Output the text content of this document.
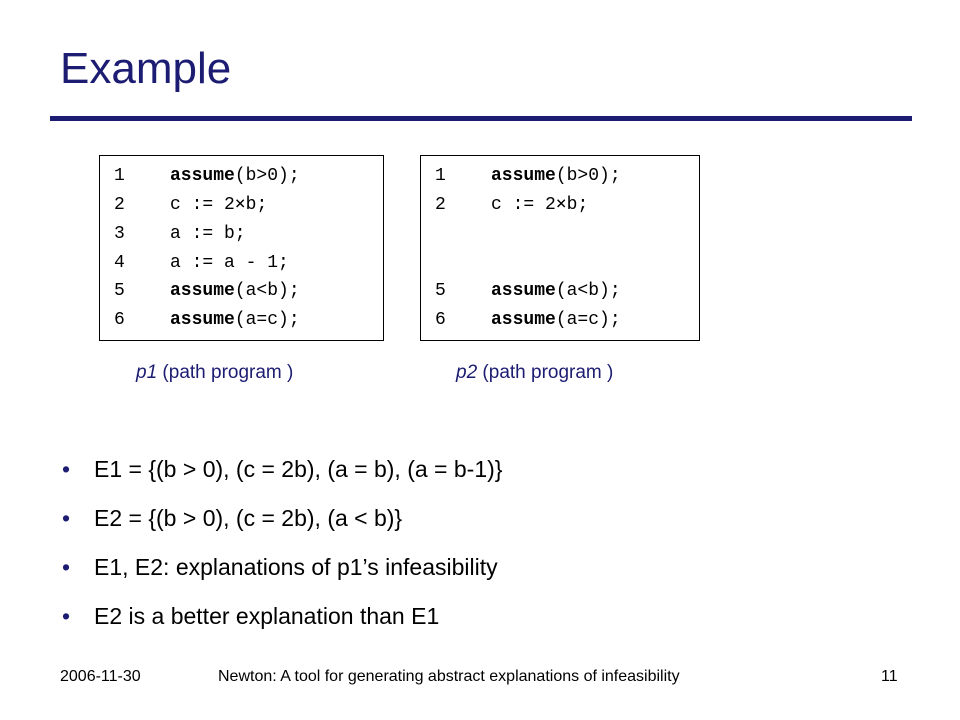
Example
1	assume(b>0);
2	c := 2⨯b;
3	a := b;
4	a := a - 1;
5	assume(a<b);
6	assume(a=c);
1	assume(b>0);
2	c := 2⨯b;
5	assume(a<b);
6	assume(a=c);
p1 (path program )	p2 (path program )
• E1 = {(b > 0), (c = 2b), (a = b), (a = b-1)}
• E2 = {(b > 0), (c = 2b), (a < b)}
• E1, E2: explanations of p1’s infeasibility
• E2 is a better explanation than E1
2006-11-30	Newton: A tool for generating abstract explanations of infeasibility	11
